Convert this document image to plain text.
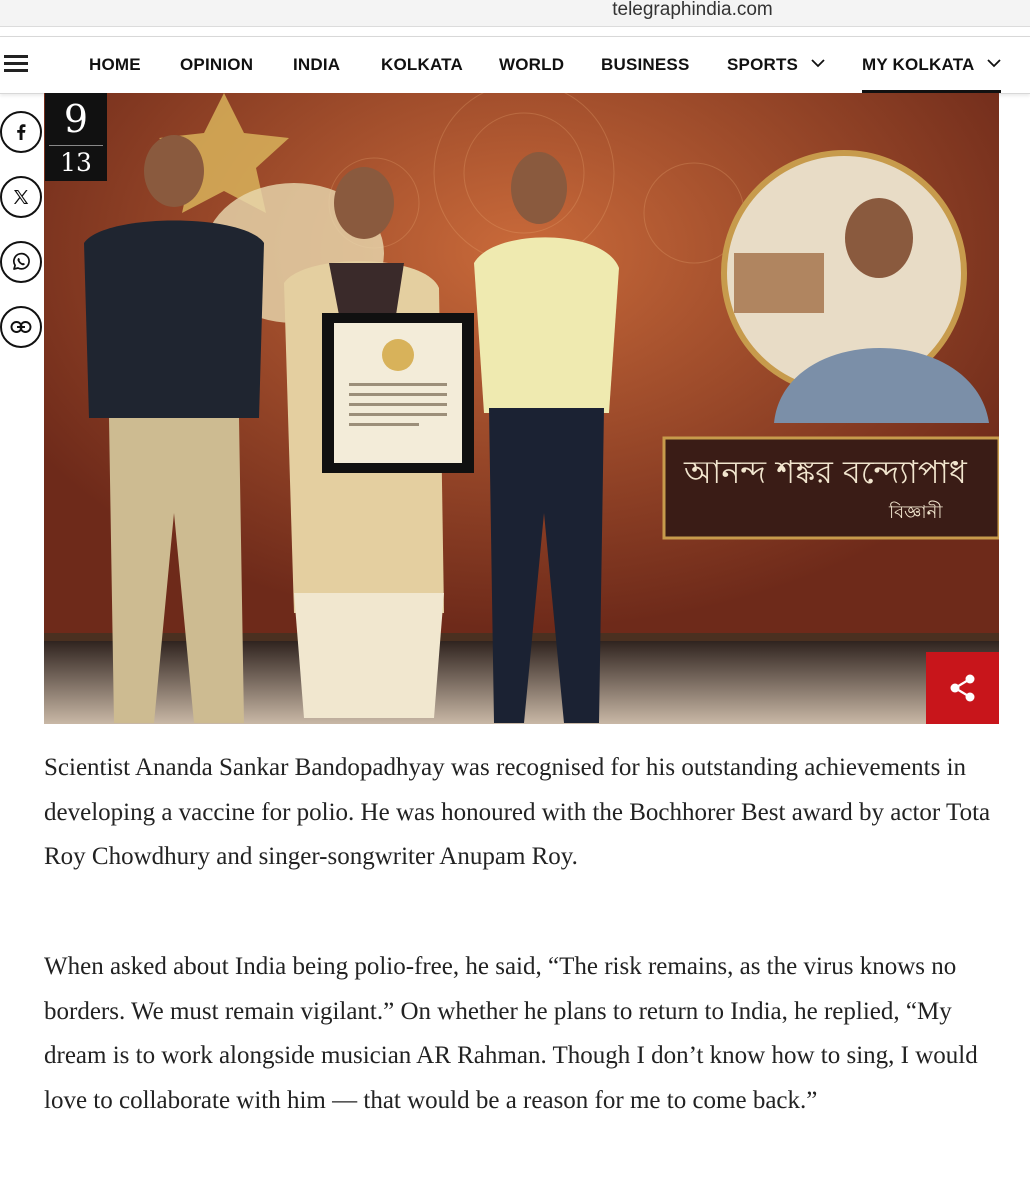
telegraphindia.com
HOME OPINION INDIA KOLKATA WORLD BUSINESS SPORTS	MY KOLKATA
আনন্দ শঙ্কর বন্দ্যোপাধ
বিজ্ঞানী
9
13

Scientist Ananda Sankar Bandopadhyay was recognised for his outstanding achievements in developing a vaccine for polio. He was honoured with the Bochhorer Best award by actor Tota Roy Chowdhury and singer-songwriter Anupam Roy.

When asked about India being polio-free, he said, “The risk remains, as the virus knows no borders. We must remain vigilant.” On whether he plans to return to India, he replied, “My dream is to work alongside musician AR Rahman. Though I don’t know how to sing, I would love to collaborate with him — that would be a reason for me to come back.”
